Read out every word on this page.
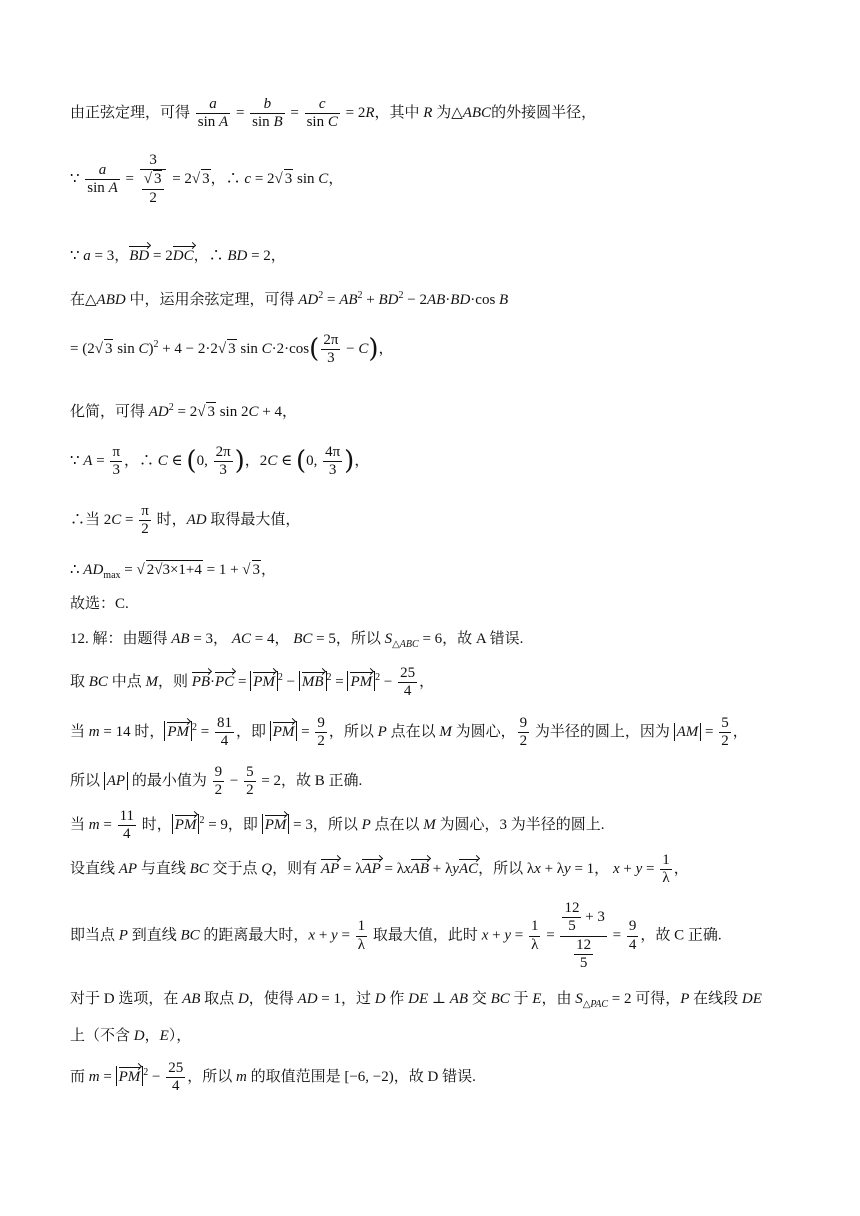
由正弦定理，可得 $\frac{a}{\text{sin A}} = \frac{b}{\text{sin B}} = \frac{c}{\text{sin C}} = 2R$，其中 R 为△ABC的外接圆半径，
∵ $\frac{a}{\text{sin A}} = \frac{3}{\frac{√ 3}{2}} = 2√$ 3，∴ c = 2√ 3 sin C，
∵ a = 3，BD = 2DC，∴ BD = 2，
在△ABD 中，运用余弦定理，可得 $AD^2 = AB^2 + BD^2 - 2AB\cdot BD\cdot\cos$ B
= (2√ 3 sin C)$^2$ + 4 − 2·2√ 3 $\sin C\cdot 2\cdot\cos( \frac{2\pi}{3} - C)$，
化简，可得 $AD^2 = 2√$ 3 sin 2C + 4，
∵ $A = \frac{\pi}{3}$ ，∴ C ∈ (0, $\frac{2\pi}{3}$ )，2C ∈ (0, $\frac{4\pi}{3}$ )，
∴当 $2C = \frac{\pi}{2}$ 时，AD 取得最大值，
∴ $AD_{max}$ = √ 2√3×1+4 = 1 + √ 3，
故选：C.
12. 解：由题得 AB = 3， AC = 4， BC = 5，所以 $S_{\triangle ABC} = 6$，故 A 错误.
取 BC 中点 M，则 PB·PC = PM $^2$ − MB $^2$ = PM $^2 - \frac{25}{4}$ ，
当 m = 14 时， PM $^2 = \frac{81}{4}$ ，即 PM = $\frac{9}{2}$ ，所以 P 点在以 M 为圆心， $\frac{9}{2}$ 为半径的圆上，因为 AM = $\frac{5}{2}$ ，
所以 AP 的最小值为 $\frac{9}{2} - \frac{5}{2} = 2$，故 B 正确.
当 $m = \frac{11}{4}$ 时， PM $^2$ = 9，即 PM = 3，所以 P 点在以 M 为圆心，3 为半径的圆上.
设直线 AP 与直线 BC 交于点 Q，则有 AP = λAP = λxAB + λyAC，所以 λx + λy = 1， $x + y = \frac{1}{\lambda}$ ，
即当点 P 到直线 BC 的距离最大时，$x + y = \frac{1}{\lambda}$ 取最大值，此时 $x + y = \frac{1}{\lambda} = \frac{\frac{12}{5} + 3}{\frac{12}{5}} = \frac{9}{4}$ ，故 C 正确.
对于 D 选项，在 AB 取点 D，使得 AD = 1，过 D 作 DE ⊥ AB 交 BC 于 E，由 $S_{\triangle PAC} = 2$ 可得，P 在线段 DE
上（不含 D，E），
而 m = PM $^2 - \frac{25}{4}$ ，所以 m 的取值范围是 [−6, −2)，故 D 错误.
